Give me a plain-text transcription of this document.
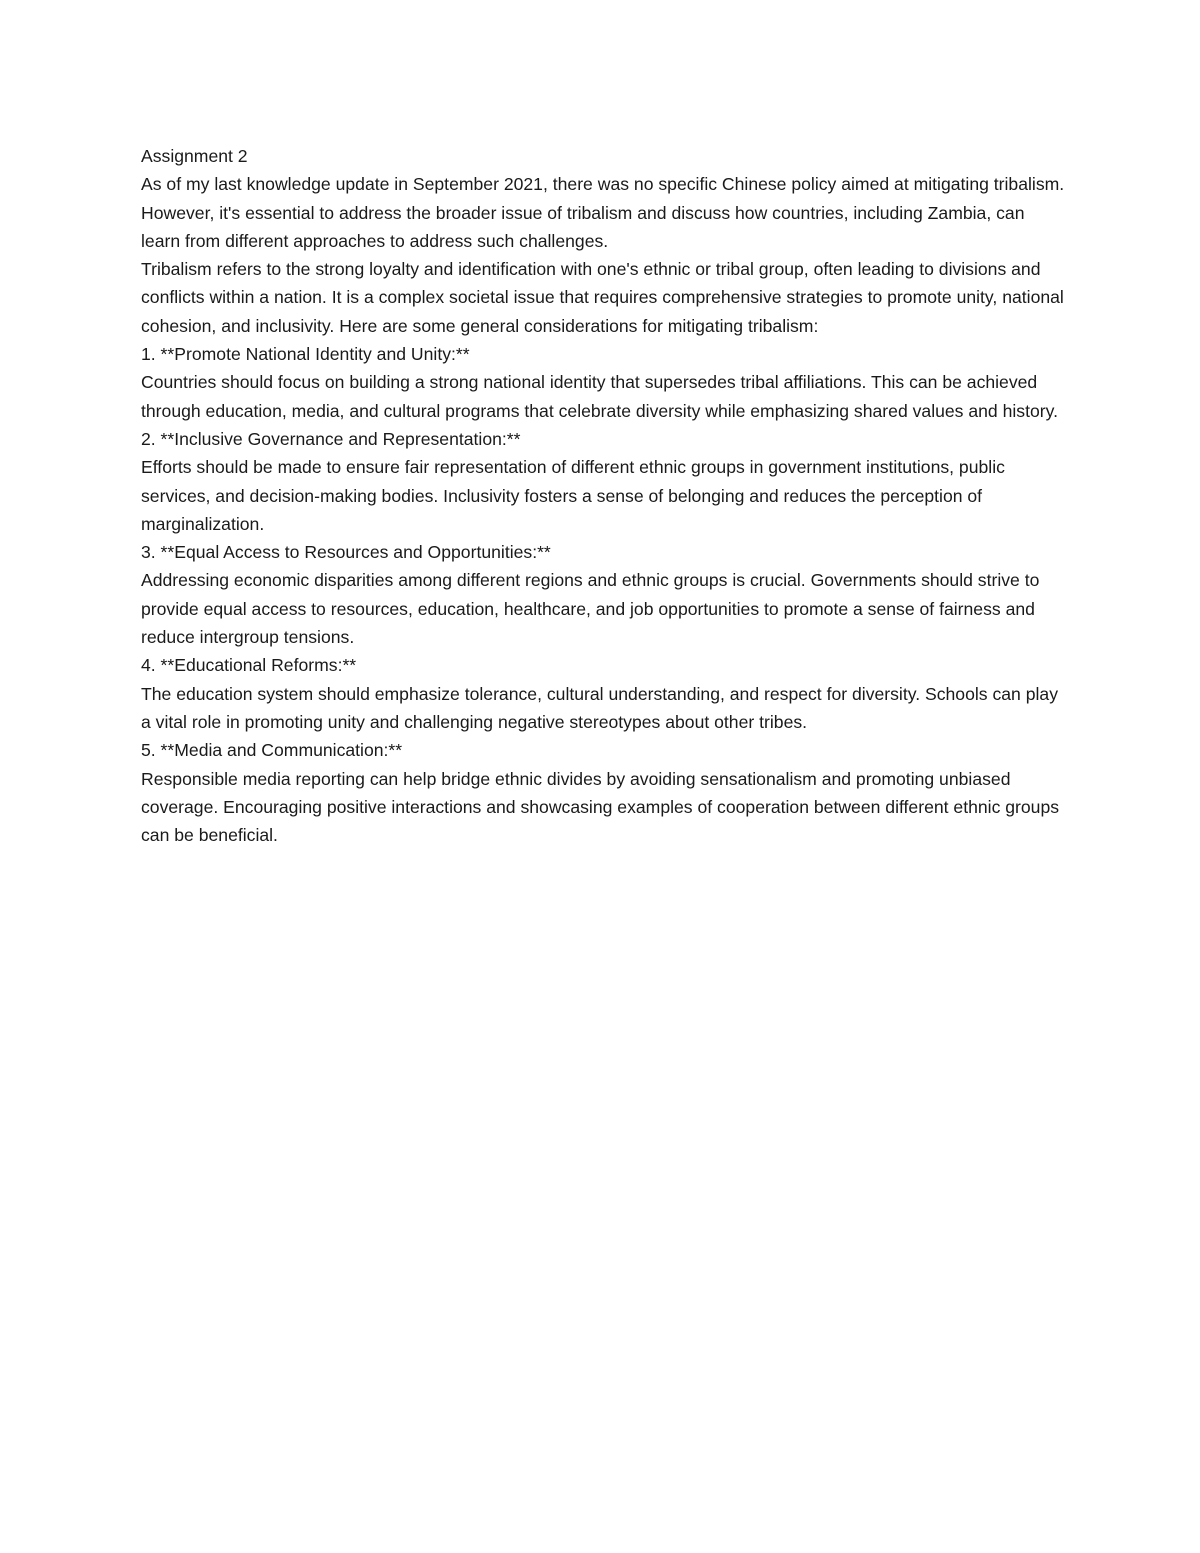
Assignment 2

As of my last knowledge update in September 2021, there was no specific Chinese policy aimed at mitigating tribalism. However, it's essential to address the broader issue of tribalism and discuss how countries, including Zambia, can learn from different approaches to address such challenges.

Tribalism refers to the strong loyalty and identification with one's ethnic or tribal group, often leading to divisions and conflicts within a nation. It is a complex societal issue that requires comprehensive strategies to promote unity, national cohesion, and inclusivity. Here are some general considerations for mitigating tribalism:

1. **Promote National Identity and Unity:**

Countries should focus on building a strong national identity that supersedes tribal affiliations. This can be achieved through education, media, and cultural programs that celebrate diversity while emphasizing shared values and history.

2. **Inclusive Governance and Representation:**

Efforts should be made to ensure fair representation of different ethnic groups in government institutions, public services, and decision-making bodies. Inclusivity fosters a sense of belonging and reduces the perception of marginalization.

3. **Equal Access to Resources and Opportunities:**

Addressing economic disparities among different regions and ethnic groups is crucial. Governments should strive to provide equal access to resources, education, healthcare, and job opportunities to promote a sense of fairness and reduce intergroup tensions.

4. **Educational Reforms:**

The education system should emphasize tolerance, cultural understanding, and respect for diversity. Schools can play a vital role in promoting unity and challenging negative stereotypes about other tribes.

5. **Media and Communication:**

Responsible media reporting can help bridge ethnic divides by avoiding sensationalism and promoting unbiased coverage. Encouraging positive interactions and showcasing examples of cooperation between different ethnic groups can be beneficial.
